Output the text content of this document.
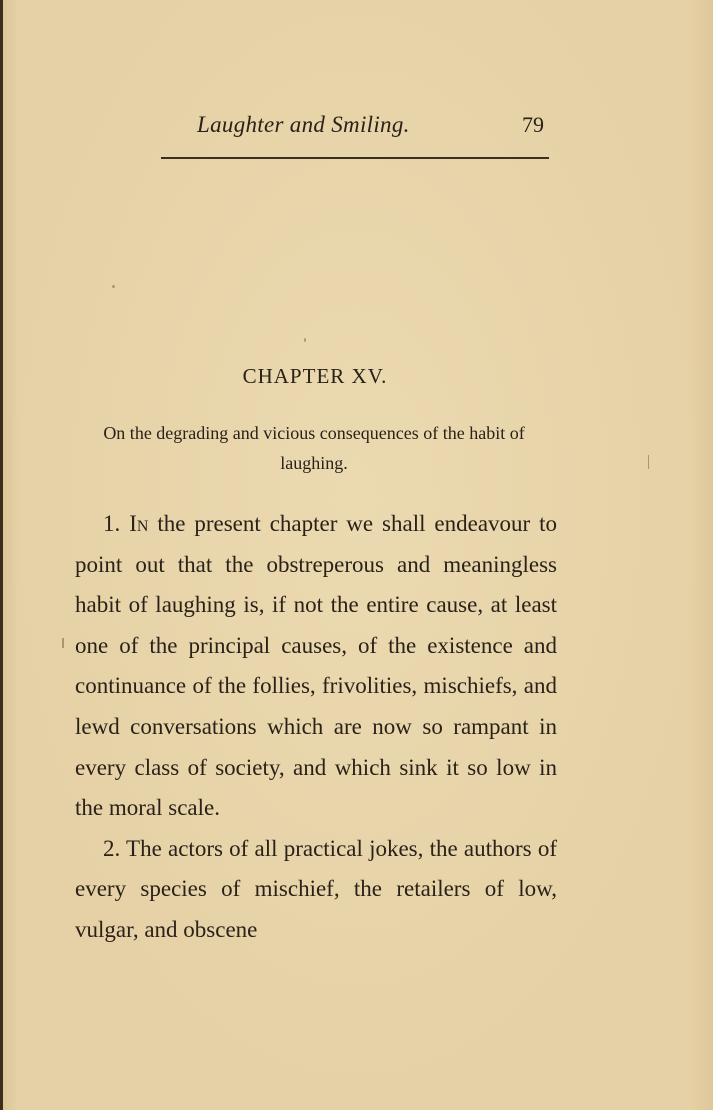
Laughter and Smiling.	79
CHAPTER XV.
On the degrading and vicious consequences of the habit of laughing.

1. In the present chapter we shall endeavour to point out that the obstreperous and meaningless habit of laughing is, if not the entire cause, at least one of the principal causes, of the existence and continuance of the follies, frivolities, mischiefs, and lewd conversations which are now so rampant in every class of society, and which sink it so low in the moral scale.

2. The actors of all practical jokes, the authors of every species of mischief, the retailers of low, vulgar, and obscene
